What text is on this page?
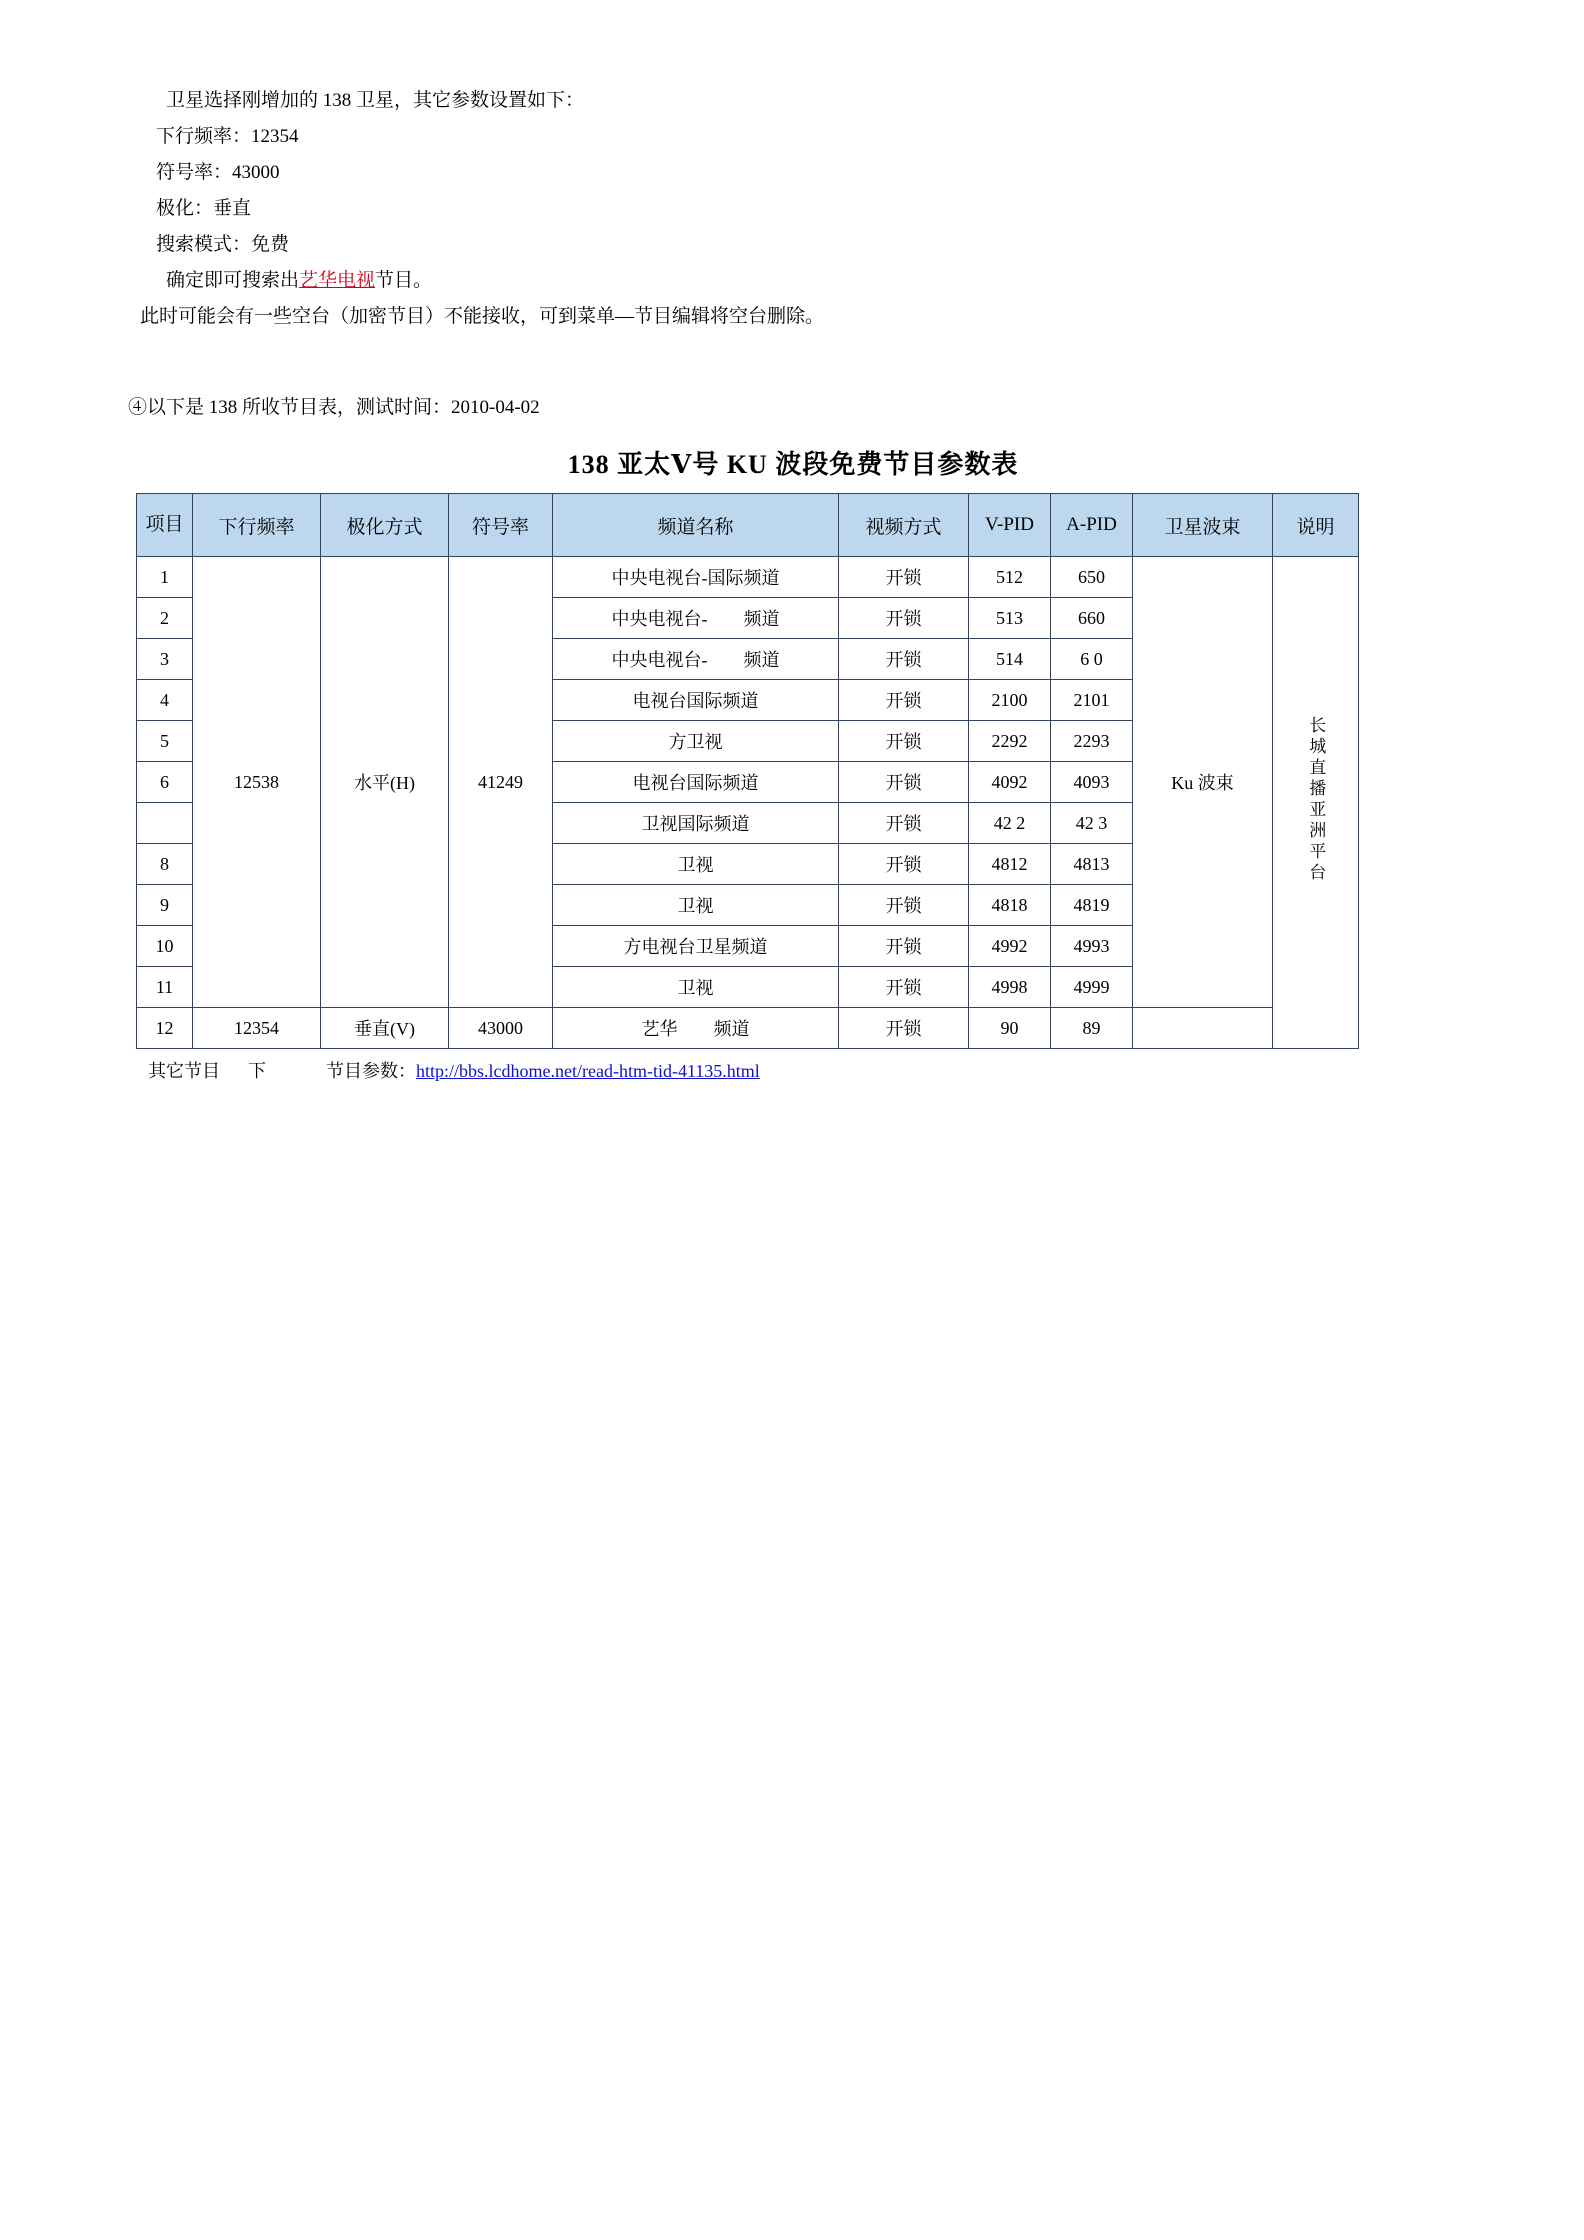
卫星选择刚增加的 138 卫星，其它参数设置如下：

下行频率：12354

符号率：43000

极化：垂直

搜索模式：免费

确定即可搜索出艺华电视节目。

此时可能会有一些空台（加密节目）不能接收，可到菜单—节目编辑将空台删除。

④以下是 138 所收节目表，测试时间：2010-04-02
138 亚太Ⅴ号 KU 波段免费节目参数表
项目	下行频率	极化方式	符号率	频道名称	视频方式	V-PID	A-PID	卫星波束	说明
1	12538	水平(H)	41249	中央电视台-国际频道	开锁	512	650	Ku 波束	长城直播亚洲平台
2				中央电视台-　　频道	开锁	513	660		
3				中央电视台-　　频道	开锁	514	6 0		
4				电视台国际频道	开锁	2100	2101		
5				方卫视	开锁	2292	2293		
6				电视台国际频道	开锁	4092	4093		
				卫视国际频道	开锁	42 2	42 3		
8				卫视	开锁	4812	4813		
9				卫视	开锁	4818	4819		
10				方电视台卫星频道	开锁	4992	4993		
11				卫视	开锁	4998	4999		
12	12354	垂直(V)	43000	艺华　　频道	开锁	90	89		
其它节目 下	节目参数：http://bbs.lcdhome.net/read-htm-tid-41135.html
